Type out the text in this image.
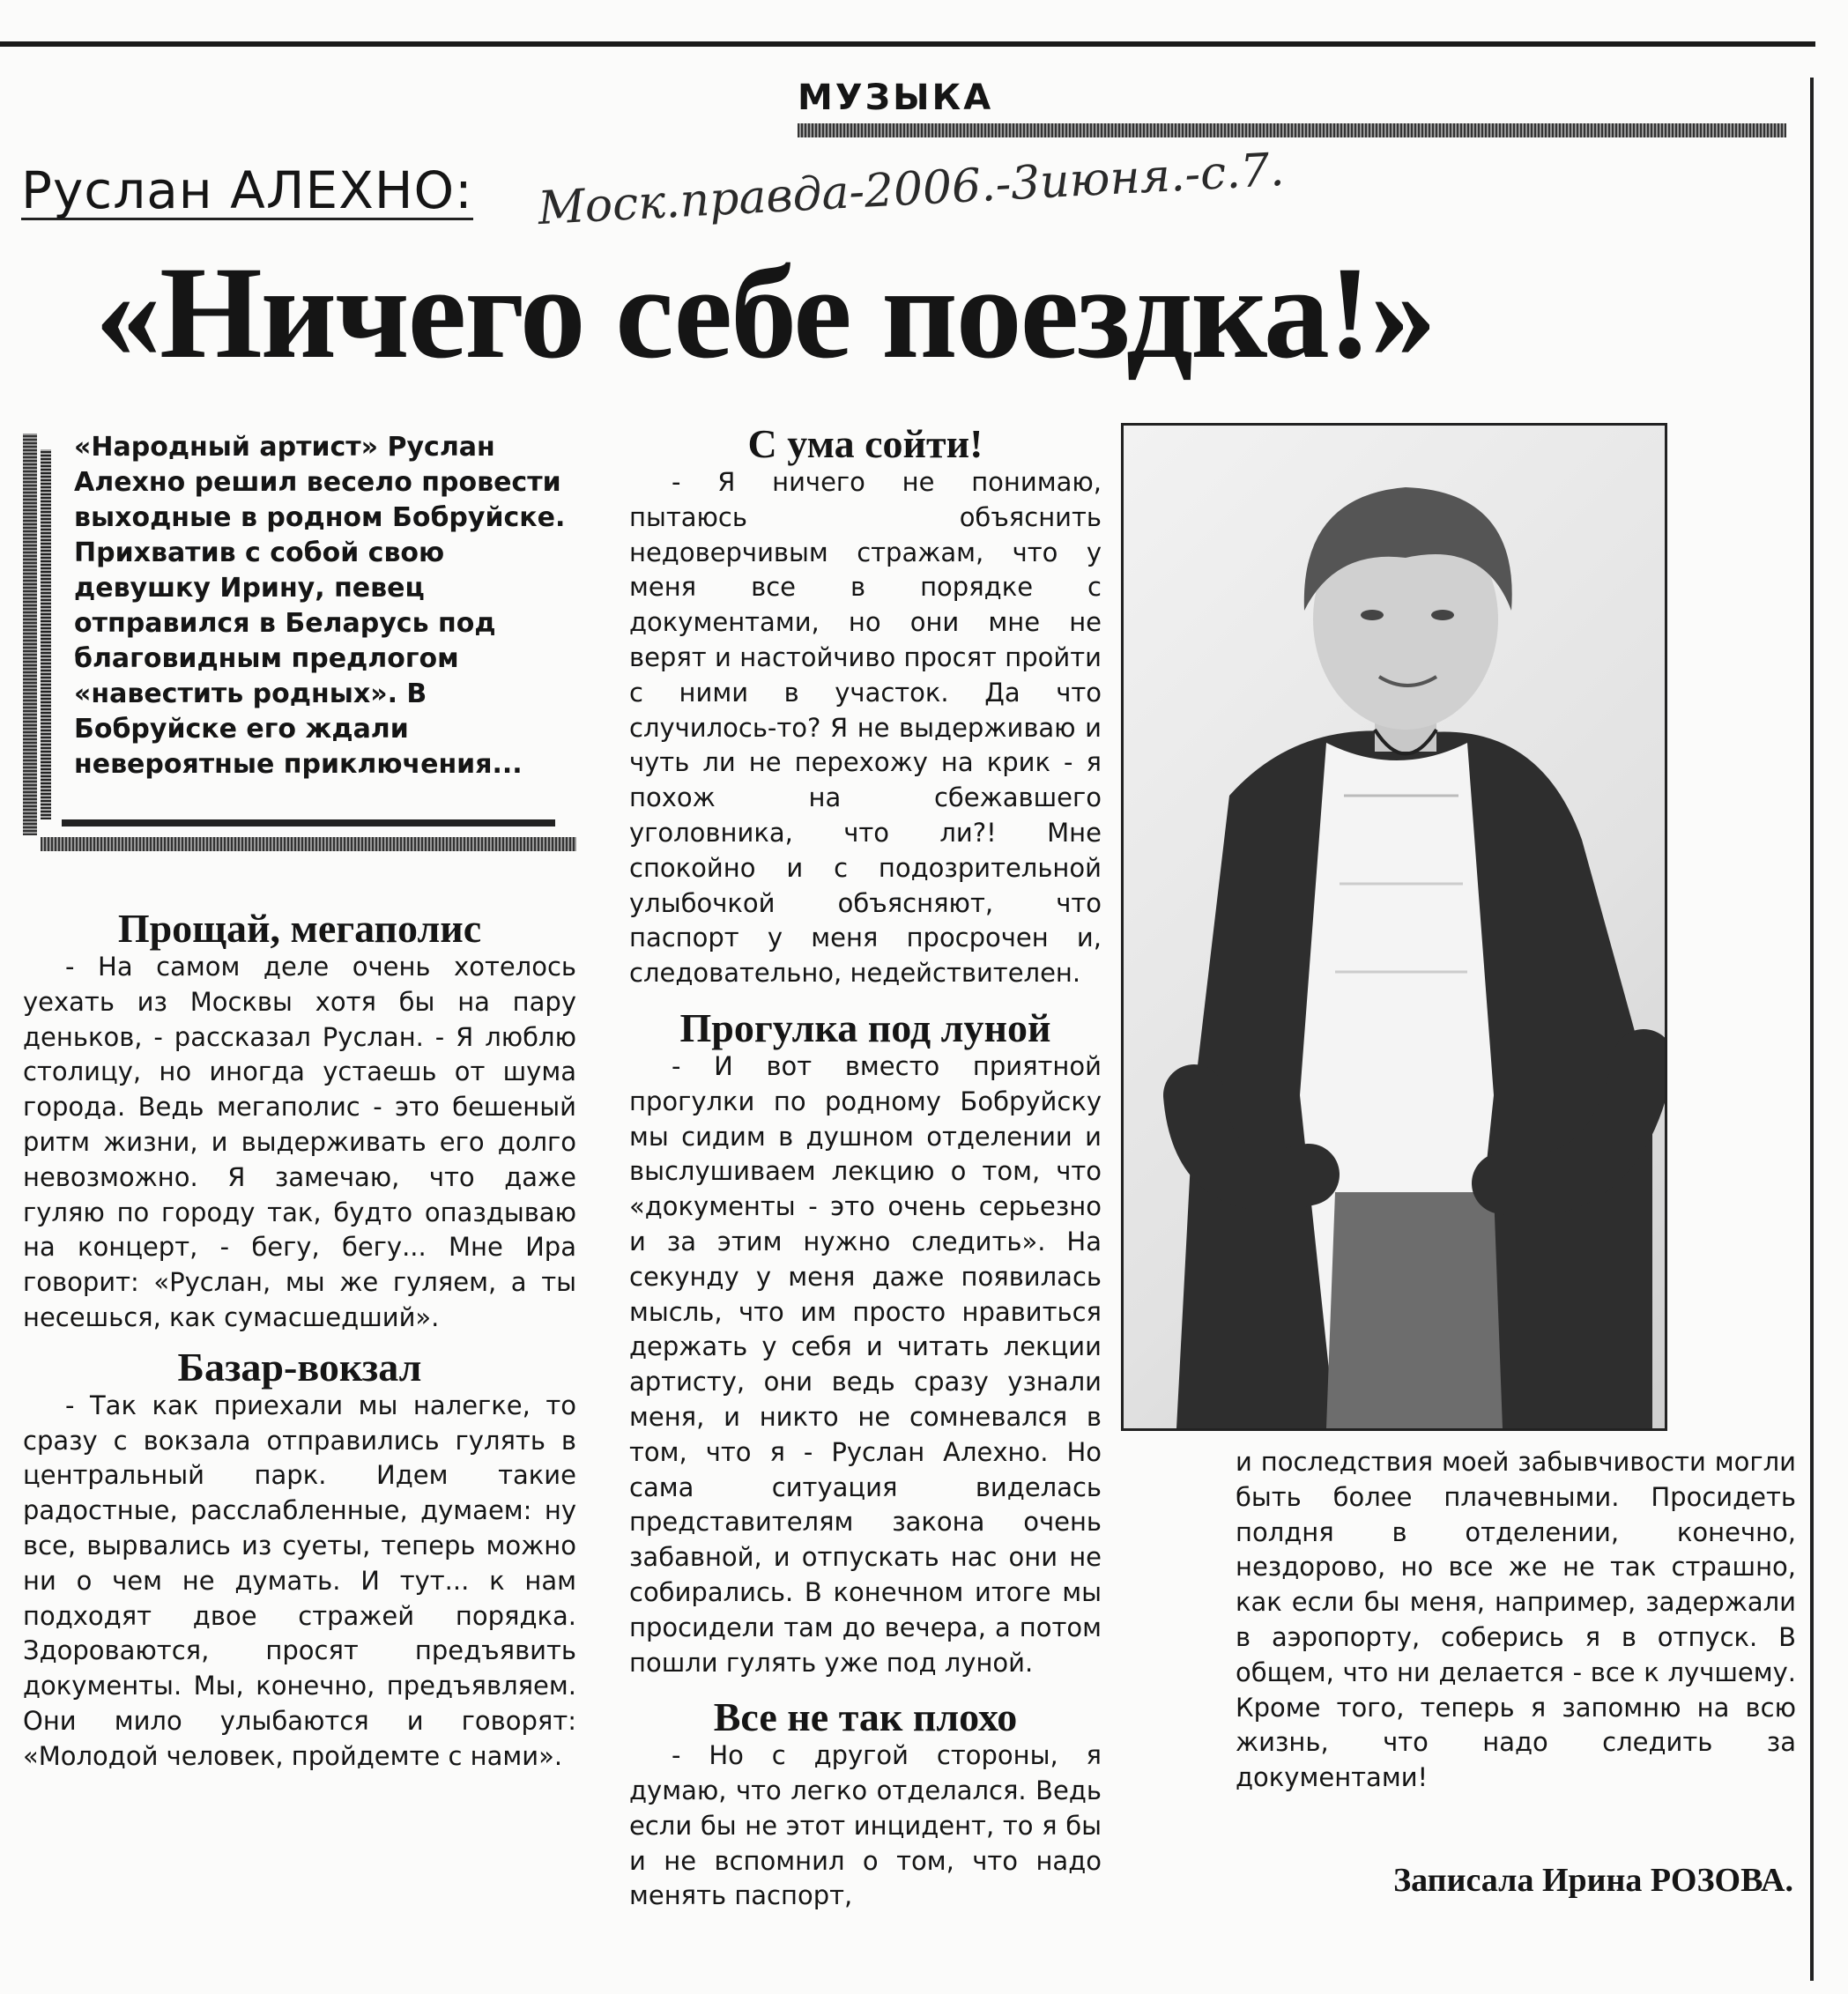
МУЗЫКА
Руслан АЛЕХНО: Моск.правда-2006.-3июня.-с.7.
«Ничего себе поездка!»

«Народный артист» Руслан Алехно решил весело провести выходные в родном Бобруйске. Прихватив с собой свою девушку Ирину, певец отправился в Беларусь под благовидным предлогом «навестить родных». В Бобруйске его ждали невероятные приключения...

Прощай, мегаполис

- На самом деле очень хотелось уехать из Москвы хотя бы на пару деньков, - рассказал Руслан. - Я люблю столицу, но иногда устаешь от шума города. Ведь мегаполис - это бешеный ритм жизни, и выдерживать его долго невозможно. Я замечаю, что даже гуляю по городу так, будто опаздываю на концерт, - бегу, бегу... Мне Ира говорит: «Руслан, мы же гуляем, а ты несешься, как сумасшедший».

Базар-вокзал

- Так как приехали мы налегке, то сразу с вокзала отправились гулять в центральный парк. Идем такие радостные, расслабленные, думаем: ну все, вырвались из суеты, теперь можно ни о чем не думать. И тут... к нам подходят двое стражей порядка. Здороваются, просят предъявить документы. Мы, конечно, предъявляем. Они мило улыбаются и говорят: «Молодой человек, пройдемте с нами».

С ума сойти!

- Я ничего не понимаю, пытаюсь объяснить недоверчивым стражам, что у меня все в порядке с документами, но они мне не верят и настойчиво просят пройти с ними в участок. Да что случилось-то? Я не выдерживаю и чуть ли не перехожу на крик - я похож на сбежавшего уголовника, что ли?! Мне спокойно и с подозрительной улыбочкой объясняют, что паспорт у меня просрочен и, следовательно, недействителен.

Прогулка под луной

- И вот вместо приятной прогулки по родному Бобруйску мы сидим в душном отделении и выслушиваем лекцию о том, что «документы - это очень серьезно и за этим нужно следить». На секунду у меня даже появилась мысль, что им просто нравиться держать у себя и читать лекции артисту, они ведь сразу узнали меня, и никто не сомневался в том, что я - Руслан Алехно. Но сама ситуация виделась представителям закона очень забавной, и отпускать нас они не собирались. В конечном итоге мы просидели там до вечера, а потом пошли гулять уже под луной.

Все не так плохо

- Но с другой стороны, я думаю, что легко отделался. Ведь если бы не этот инцидент, то я бы и не вспомнил о том, что надо менять паспорт,

и последствия моей забывчивости могли быть более плачевными. Просидеть полдня в отделении, конечно, нездорово, но все же не так страшно, как если бы меня, например, задержали в аэропорту, соберись я в отпуск. В общем, что ни делается - все к лучшему. Кроме того, теперь я запомню на всю жизнь, что надо следить за документами!

Записала Ирина РОЗОВА.
